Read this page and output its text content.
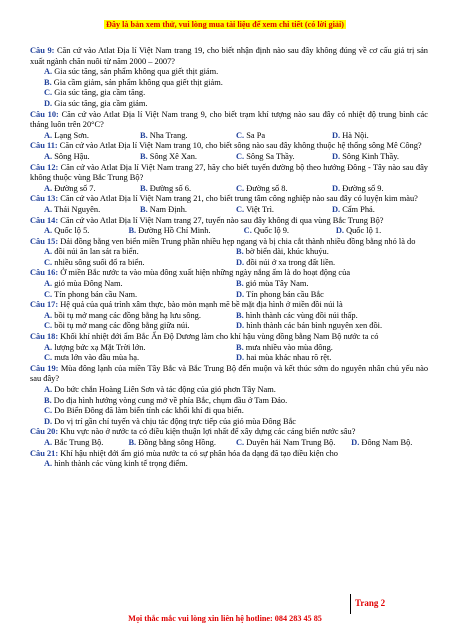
Đây là bản xem thử, vui lòng mua tài liệu để xem chi tiết (có lời giải)

Câu 9: Căn cứ vào Atlat Địa lí Việt Nam trang 19, cho biết nhận định nào sau đây không đúng về cơ cấu giá trị sản xuất ngành chăn nuôi từ năm 2000 – 2007?

A. Gia súc tăng, sản phẩm không qua giết thịt giảm.

B. Gia cầm giảm, sản phẩm không qua giết thịt giảm.

C. Gia súc tăng, gia cầm tăng.

D. Gia súc tăng, gia cầm giảm.

Câu 10: Căn cứ vào Atlat Địa lí Việt Nam trang 9, cho biết trạm khí tượng nào sau đây có nhiệt độ trung bình các tháng luôn trên 20°C?

A. Lạng Sơn.	B. Nha Trang.	C. Sa Pa	D. Hà Nội.

Câu 11: Căn cứ vào Atlat Địa lí Việt Nam trang 10, cho biết sông nào sau đây không thuộc hệ thống sông Mê Công?

A. Sông Hậu.	B. Sông Xê Xan.	C. Sông Sa Thầy.	D. Sông Kinh Thầy.

Câu 12: Căn cứ vào Atlat Địa lí Việt Nam trang 27, hãy cho biết tuyến đường bộ theo hướng Đông - Tây nào sau đây không thuộc vùng Bắc Trung Bộ?

A. Đường số 7.	B. Đường số 6.	C. Đường số 8.	D. Đường số 9.

Câu 13: Căn cứ vào Atlat Địa lí Việt Nam trang 21, cho biết trung tâm công nghiệp nào sau đây có luyện kim màu?

A. Thái Nguyên.	B. Nam Định.	C. Việt Trì.	D. Cẩm Phả.

Câu 14: Căn cứ vào Atlat Địa lí Việt Nam trang 27, tuyến nào sau đây không đi qua vùng Bắc Trung Bộ?

A. Quốc lộ 5.	B. Đường Hồ Chí Minh.	C. Quốc lộ 9.	D. Quốc lộ 1.

Câu 15: Dải đồng bằng ven biển miền Trung phần nhiều hẹp ngang và bị chia cắt thành nhiều đồng bằng nhỏ là do

A. đồi núi ăn lan sát ra biển.	B. bờ biển dài, khúc khuỷu.
C. nhiều sông suối đổ ra biển.	D. đồi núi ở xa trong đất liền.

Câu 16: Ở miền Bắc nước ta vào mùa đông xuất hiện những ngày nắng ấm là do hoạt động của

A. gió mùa Đông Nam.	B. gió mùa Tây Nam.
C. Tín phong bán cầu Nam.	D. Tín phong bán cầu Bắc

Câu 17: Hệ quả của quá trình xâm thực, bào mòn mạnh mẽ bề mặt địa hình ở miền đồi núi là

A. bồi tụ mở mang các đồng bằng hạ lưu sông.	B. hình thành các vùng đồi núi thấp.
C. bồi tụ mở mang các đồng bằng giữa núi.	D. hình thành các bán bình nguyên xen đồi.

Câu 18: Khối khí nhiệt đới ẩm Bắc Ấn Độ Dương làm cho khí hậu vùng đồng bằng Nam Bộ nước ta có

A. lượng bức xạ Mặt Trời lớn.	B. mưa nhiều vào mùa đông.
C. mưa lớn vào đầu mùa hạ.	D. hai mùa khác nhau rõ rệt.

Câu 19: Mùa đông lạnh của miền Tây Bắc và Bắc Trung Bộ đến muộn và kết thúc sớm do nguyên nhân chủ yếu nào sau đây?

A. Do bức chắn Hoàng Liên Sơn và tác động của gió phơn Tây Nam.

B. Do địa hình hướng vòng cung mở về phía Bắc, chụm đầu ở Tam Đảo.

C. Do Biển Đông đã làm biến tính các khối khí đi qua biển.

D. Do vị trí gần chí tuyến và chịu tác động trực tiếp của gió mùa Đông Bắc

Câu 20: Khu vực nào ở nước ta có điều kiện thuận lợi nhất để xây dựng các cảng biển nước sâu?

A. Bắc Trung Bộ.	B. Đồng bằng sông Hồng.	C. Duyên hải Nam Trung Bộ.	D. Đông Nam Bộ.

Câu 21: Khí hậu nhiệt đới ẩm gió mùa nước ta có sự phân hóa đa dạng đã tạo điều kiện cho

A. hình thành các vùng kinh tế trọng điểm.

Trang 2
Mọi thắc mắc vui lòng xin liên hệ hotline: 084 283 45 85
